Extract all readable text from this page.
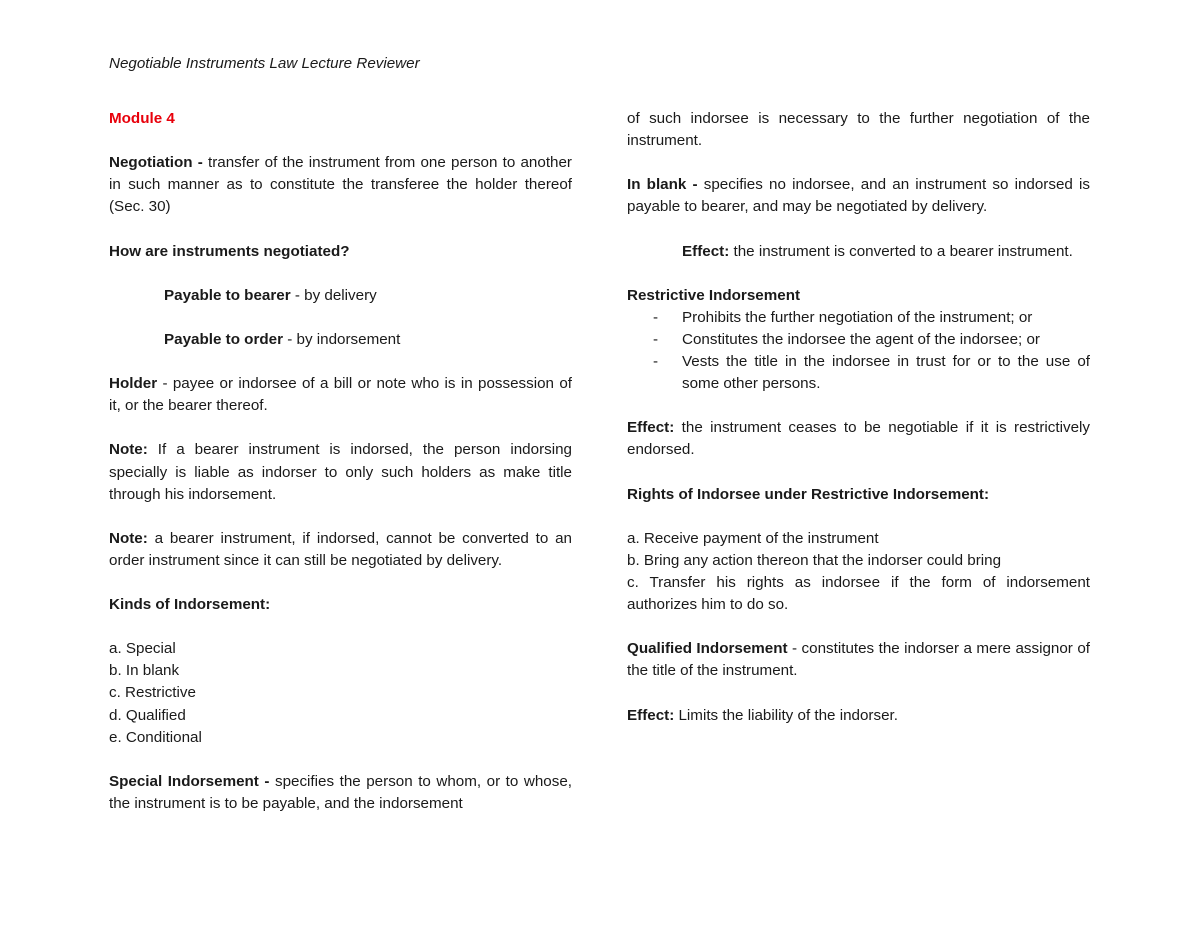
Negotiable Instruments Law Lecture Reviewer

Module 4

Negotiation - transfer of the instrument from one person to another in such manner as to constitute the transferee the holder thereof (Sec. 30)

How are instruments negotiated?

Payable to bearer - by delivery

Payable to order - by indorsement

Holder - payee or indorsee of a bill or note who is in possession of it, or the bearer thereof.

Note: If a bearer instrument is indorsed, the person indorsing specially is liable as indorser to only such holders as make title through his indorsement.

Note: a bearer instrument, if indorsed, cannot be converted to an order instrument since it can still be negotiated by delivery.

Kinds of Indorsement:

a. Special

b. In blank

c. Restrictive

d. Qualified

e. Conditional

Special Indorsement - specifies the person to whom, or to whose, the instrument is to be payable, and the indorsement

of such indorsee is necessary to the further negotiation of the instrument.

In blank - specifies no indorsee, and an instrument so indorsed is payable to bearer, and may be negotiated by delivery.

Effect: the instrument is converted to a bearer instrument.

Restrictive Indorsement

- Prohibits the further negotiation of the instrument; or
- Constitutes the indorsee the agent of the indorsee; or
- Vests the title in the indorsee in trust for or to the use of some other persons.

Effect: the instrument ceases to be negotiable if it is restrictively endorsed.

Rights of Indorsee under Restrictive Indorsement:

a. Receive payment of the instrument

b. Bring any action thereon that the indorser could bring

c. Transfer his rights as indorsee if the form of indorsement authorizes him to do so.

Qualified Indorsement - constitutes the indorser a mere assignor of the title of the instrument.

Effect: Limits the liability of the indorser.
